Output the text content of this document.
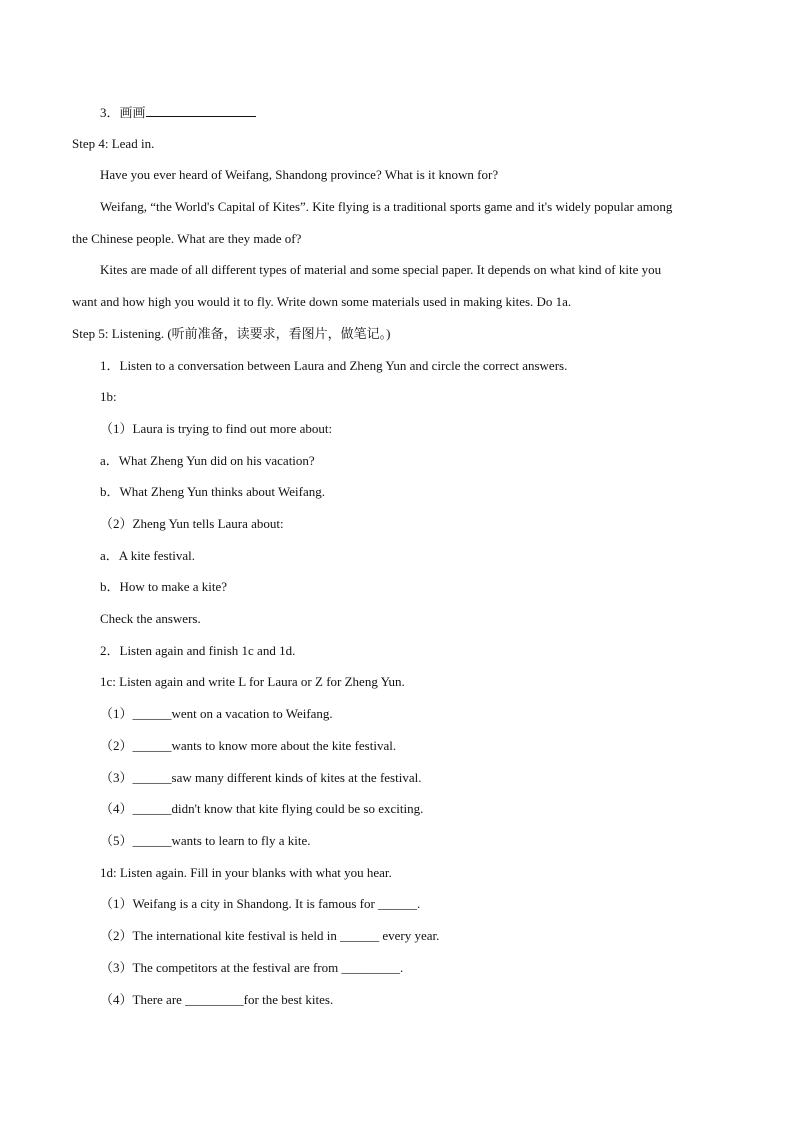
3．画画
Step 4: Lead in.
Have you ever heard of Weifang, Shandong province? What is it known for?
Weifang, “the World's Capital of Kites”. Kite flying is a traditional sports game and it's widely popular among
the Chinese people. What are they made of?
Kites are made of all different types of material and some special paper. It depends on what kind of kite you
want and how high you would it to fly. Write down some materials used in making kites. Do 1a.
Step 5: Listening. (听前准备，读要求，看图片，做笔记。)
1．Listen to a conversation between Laura and Zheng Yun and circle the correct answers.
1b:
（1）Laura is trying to find out more about:
a．What Zheng Yun did on his vacation?
b．What Zheng Yun thinks about Weifang.
（2）Zheng Yun tells Laura about:
a．A kite festival.
b．How to make a kite?
Check the answers.
2．Listen again and finish 1c and 1d.
1c: Listen again and write L for Laura or Z for Zheng Yun.
（1）______went on a vacation to Weifang.
（2）______wants to know more about the kite festival.
（3）______saw many different kinds of kites at the festival.
（4）______didn't know that kite flying could be so exciting.
（5）______wants to learn to fly a kite.
1d: Listen again. Fill in your blanks with what you hear.
（1）Weifang is a city in Shandong. It is famous for ______.
（2）The international kite festival is held in ______ every year.
（3）The competitors at the festival are from _________.
（4）There are _________for the best kites.
